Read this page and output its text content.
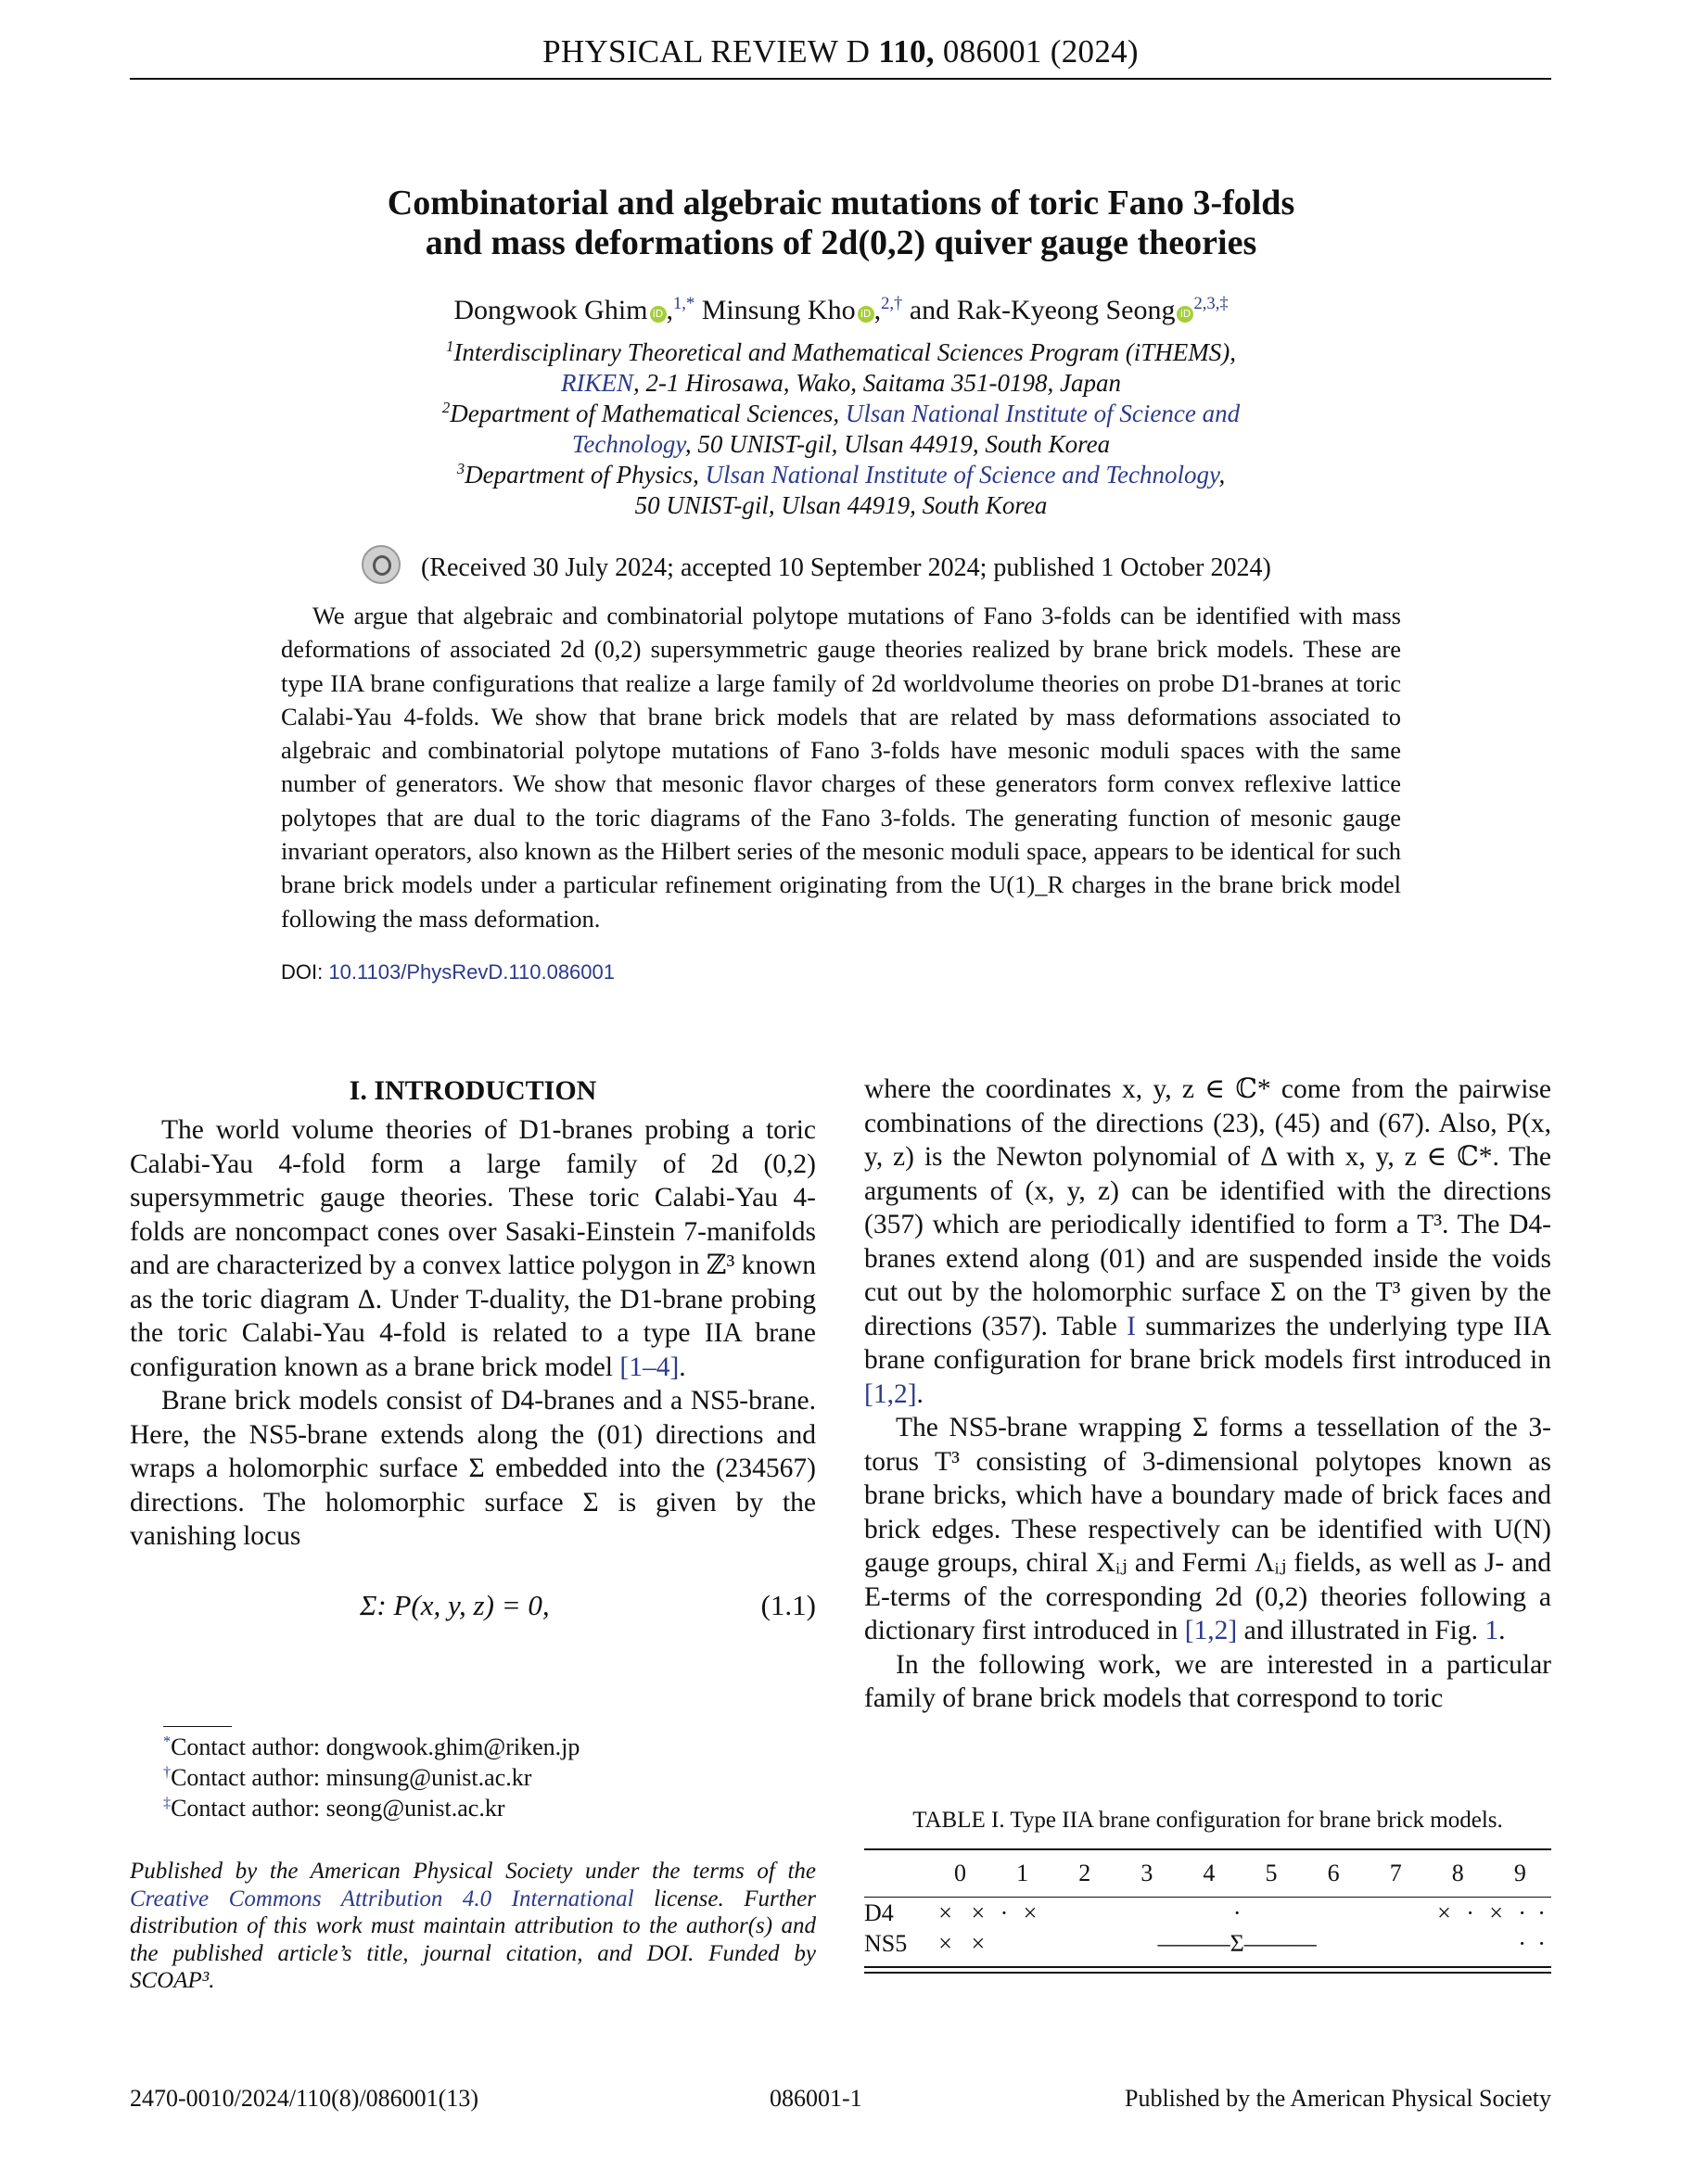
PHYSICAL REVIEW D 110, 086001 (2024)
Combinatorial and algebraic mutations of toric Fano 3-folds
and mass deformations of 2d(0,2) quiver gauge theories
Dongwook Ghim iD ,$^{1,*}$ Minsung Kho iD ,$^{2,\dagger}$ and Rak-Kyeong Seong $iD^{2,3,\ddagger}$
$^1$Interdisciplinary Theoretical and Mathematical Sciences Program (iTHEMS),
RIKEN, 2-1 Hirosawa, Wako, Saitama 351-0198, Japan
$^2$Department of Mathematical Sciences, Ulsan National Institute of Science and
Technology, 50 UNIST-gil, Ulsan 44919, South Korea
$^3$Department of Physics, Ulsan National Institute of Science and Technology,
50 UNIST-gil, Ulsan 44919, South Korea
(Received 30 July 2024; accepted 10 September 2024; published 1 October 2024)
We argue that algebraic and combinatorial polytope mutations of Fano 3-folds can be identified with mass deformations of associated 2d (0,2) supersymmetric gauge theories realized by brane brick models. These are type IIA brane configurations that realize a large family of 2d worldvolume theories on probe D1-branes at toric Calabi-Yau 4-folds. We show that brane brick models that are related by mass deformations associated to algebraic and combinatorial polytope mutations of Fano 3-folds have mesonic moduli spaces with the same number of generators. We show that mesonic flavor charges of these generators form convex reflexive lattice polytopes that are dual to the toric diagrams of the Fano 3-folds. The generating function of mesonic gauge invariant operators, also known as the Hilbert series of the mesonic moduli space, appears to be identical for such brane brick models under a particular refinement originating from the U(1)_R charges in the brane brick model following the mass deformation.
DOI: 10.1103/PhysRevD.110.086001
I. INTRODUCTION

The world volume theories of D1-branes probing a toric Calabi-Yau 4-fold form a large family of 2d (0,2) supersymmetric gauge theories. These toric Calabi-Yau 4-folds are noncompact cones over Sasaki-Einstein 7-manifolds and are characterized by a convex lattice polygon in ℤ³ known as the toric diagram Δ. Under T-duality, the D1-brane probing the toric Calabi-Yau 4-fold is related to a type IIA brane configuration known as a brane brick model [1–4].

Brane brick models consist of D4-branes and a NS5-brane. Here, the NS5-brane extends along the (01) directions and wraps a holomorphic surface Σ embedded into the (234567) directions. The holomorphic surface Σ is given by the vanishing locus

Σ: P(x, y, z) = 0,	(1.1)

where the coordinates x, y, z ∈ ℂ* come from the pairwise combinations of the directions (23), (45) and (67). Also, P(x, y, z) is the Newton polynomial of Δ with x, y, z ∈ ℂ*. The arguments of (x, y, z) can be identified with the directions (357) which are periodically identified to form a T³. The D4-branes extend along (01) and are suspended inside the voids cut out by the holomorphic surface Σ on the T³ given by the directions (357). Table I summarizes the underlying type IIA brane configuration for brane brick models first introduced in [1,2].

The NS5-brane wrapping Σ forms a tessellation of the 3-torus T³ consisting of 3-dimensional polytopes known as brane bricks, which have a boundary made of brick faces and brick edges. These respectively can be identified with U(N) gauge groups, chiral Xᵢⱼ and Fermi Λᵢⱼ fields, as well as J- and E-terms of the corresponding 2d (0,2) theories following a dictionary first introduced in [1,2] and illustrated in Fig. 1.

In the following work, we are interested in a particular family of brane brick models that correspond to toric

TABLE I. Type IIA brane configuration for brane brick models.
	0	1	2	3	4	5	6	7	8	9
D4	×	×	·	×	·	×	·	×	·	·
NS5	×	×			———Σ———				·	·
*Contact author: dongwook.ghim@riken.jp
†Contact author: minsung@unist.ac.kr
‡Contact author: seong@unist.ac.kr
Published by the American Physical Society under the terms of the Creative Commons Attribution 4.0 International license. Further distribution of this work must maintain attribution to the author(s) and the published article’s title, journal citation, and DOI. Funded by SCOAP³.
2470-0010/2024/110(8)/086001(13)	086001-1	Published by the American Physical Society
